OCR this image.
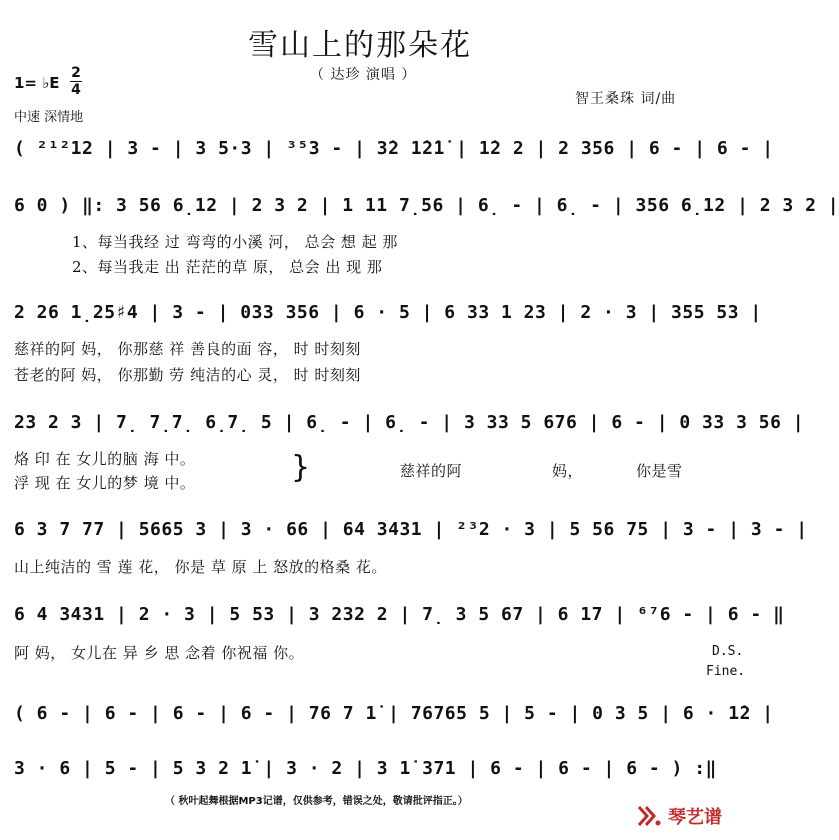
雪山上的那朵花
（ 达珍 演唱 ）
1= ♭E
2
4
中速 深情地
智王桑珠 词/曲
( ²¹²12 | 3 - | 3 5·3 | ³⁵3 - | 3̇2 1̇2̇1̇ | 1̇2 2 | 2 356 | 6 - | 6 - |
6 0 ) ‖: 3 56 6̣12 | 2 3 2 | 1 11 7̣56 | 6̣ - | 6̣ - | 356 6̣12 | 2 3 2 |
1、每当我经 过 弯弯的小溪 河， 总会 想 起 那
2、每当我走 出 茫茫的草 原， 总会 出 现 那
2 26 1̣25♯4 | 3 - | 033 356 | 6 · 5 | 6 33 1 23 | 2 · 3 | 355 53 |
慈祥的阿 妈， 你那慈 祥 善良的面 容， 时 时刻刻
苍老的阿 妈， 你那勤 劳 纯洁的心 灵， 时 时刻刻
23 2 3 | 7̣ 7̣7̣ 6̣7̣ 5 | 6̣ - | 6̣ - | 3 33 5 676 | 6 - | 0 33 3 56 |
烙 印 在 女儿的脑 海 中。
浮 现 在 女儿的梦 境 中。	}	慈祥的阿	妈，	你是雪
6 3 7 77 | 5665 3 | 3 · 66 | 64 3431 | ²³2 · 3 | 5 56 75 | 3 - | 3 - |
山上纯洁的 雪 莲 花， 你是 草 原 上 怒放的格桑 花。
6 4 3431 | 2 · 3 | 5 53 | 3 232 2 | 7̣ 3 5 67 | 6 17 | ⁶⁷6 - | 6 - ‖
阿 妈， 女儿在 异 乡 思 念着 你祝福 你。	D.S.
Fine.
( 6 - | 6 - | 6 - | 6 - | 76 7 1̇ | 76765 5 | 5 - | 0 3 5 | 6 · 1̇2 |
3 · 6 | 5 - | 5 3 2 1̇ | 3 · 2 | 3 1̇ 371 | 6 - | 6 - | 6 - ) :‖
（ 秋叶起舞根据MP3记谱，仅供参考，错误之处，敬请批评指正。）
琴艺谱
